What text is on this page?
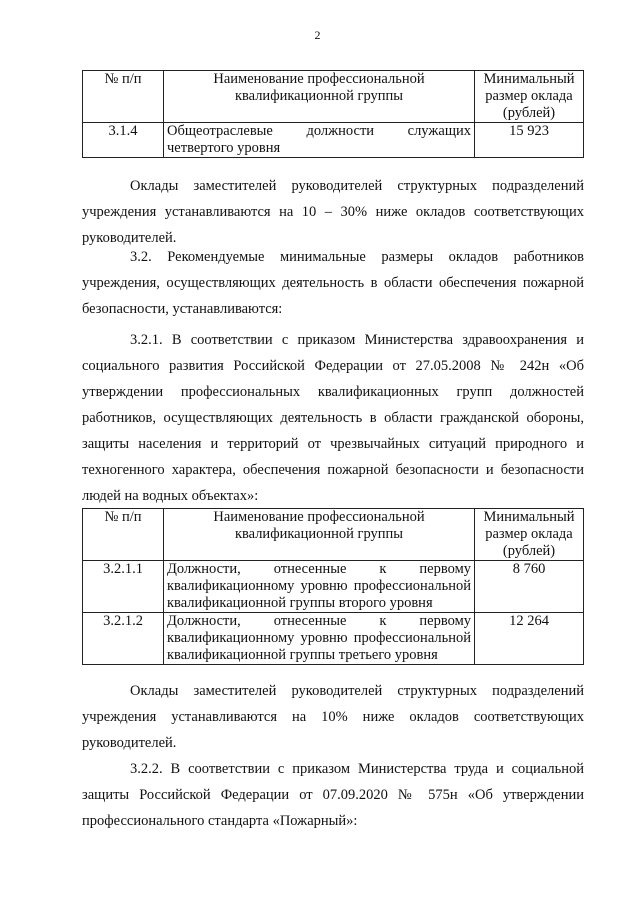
2
№ п/п	Наименование профессиональной квалификационной группы	Минимальный размер оклада (рублей)
3.1.4	Общеотраслевые должности служащих четвертого уровня	15 923

Оклады заместителей руководителей структурных подразделений учреждения устанавливаются на 10 – 30% ниже окладов соответствующих руководителей.

3.2. Рекомендуемые минимальные размеры окладов работников учреждения, осуществляющих деятельность в области обеспечения пожарной безопасности, устанавливаются:

3.2.1. В соответствии с приказом Министерства здравоохранения и социального развития Российской Федерации от 27.05.2008 № 242н «Об утверждении профессиональных квалификационных групп должностей работников, осуществляющих деятельность в области гражданской обороны, защиты населения и территорий от чрезвычайных ситуаций природного и техногенного характера, обеспечения пожарной безопасности и безопасности людей на водных объектах»:

№ п/п	Наименование профессиональной квалификационной группы	Минимальный размер оклада (рублей)
3.2.1.1	Должности, отнесенные к первому квалификационному уровню профессиональной квалификационной группы второго уровня	8 760
3.2.1.2	Должности, отнесенные к первому квалификационному уровню профессиональной квалификационной группы третьего уровня	12 264

Оклады заместителей руководителей структурных подразделений учреждения устанавливаются на 10% ниже окладов соответствующих руководителей.

3.2.2. В соответствии с приказом Министерства труда и социальной защиты Российской Федерации от 07.09.2020 № 575н «Об утверждении профессионального стандарта «Пожарный»:
